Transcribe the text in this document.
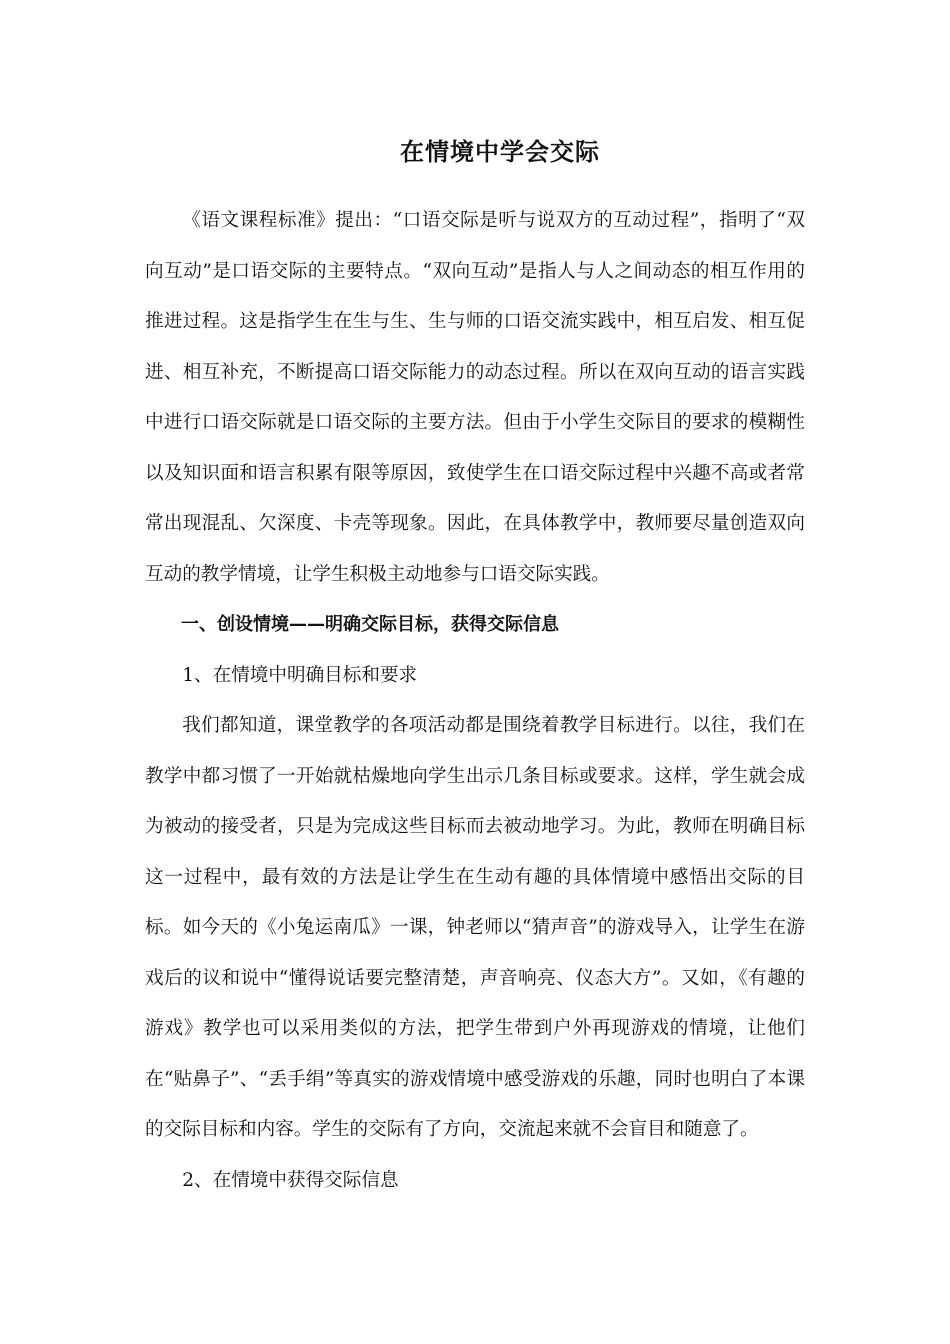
在情境中学会交际

《语文课程标准》提出：“口语交际是听与说双方的互动过程”，指明了“双向互动”是口语交际的主要特点。“双向互动”是指人与人之间动态的相互作用的推进过程。这是指学生在生与生、生与师的口语交流实践中，相互启发、相互促进、相互补充，不断提高口语交际能力的动态过程。所以在双向互动的语言实践中进行口语交际就是口语交际的主要方法。但由于小学生交际目的要求的模糊性以及知识面和语言积累有限等原因，致使学生在口语交际过程中兴趣不高或者常常出现混乱、欠深度、卡壳等现象。因此，在具体教学中，教师要尽量创造双向互动的教学情境，让学生积极主动地参与口语交际实践。

一、创设情境——明确交际目标，获得交际信息

1、在情境中明确目标和要求

我们都知道，课堂教学的各项活动都是围绕着教学目标进行。以往，我们在教学中都习惯了一开始就枯燥地向学生出示几条目标或要求。这样，学生就会成为被动的接受者，只是为完成这些目标而去被动地学习。为此，教师在明确目标这一过程中，最有效的方法是让学生在生动有趣的具体情境中感悟出交际的目标。如今天的《小兔运南瓜》一课，钟老师以“猜声音”的游戏导入，让学生在游戏后的议和说中“懂得说话要完整清楚，声音响亮、仪态大方”。又如，《有趣的游戏》教学也可以采用类似的方法，把学生带到户外再现游戏的情境，让他们在“贴鼻子”、“丢手绢”等真实的游戏情境中感受游戏的乐趣，同时也明白了本课的交际目标和内容。学生的交际有了方向，交流起来就不会盲目和随意了。

2、在情境中获得交际信息
